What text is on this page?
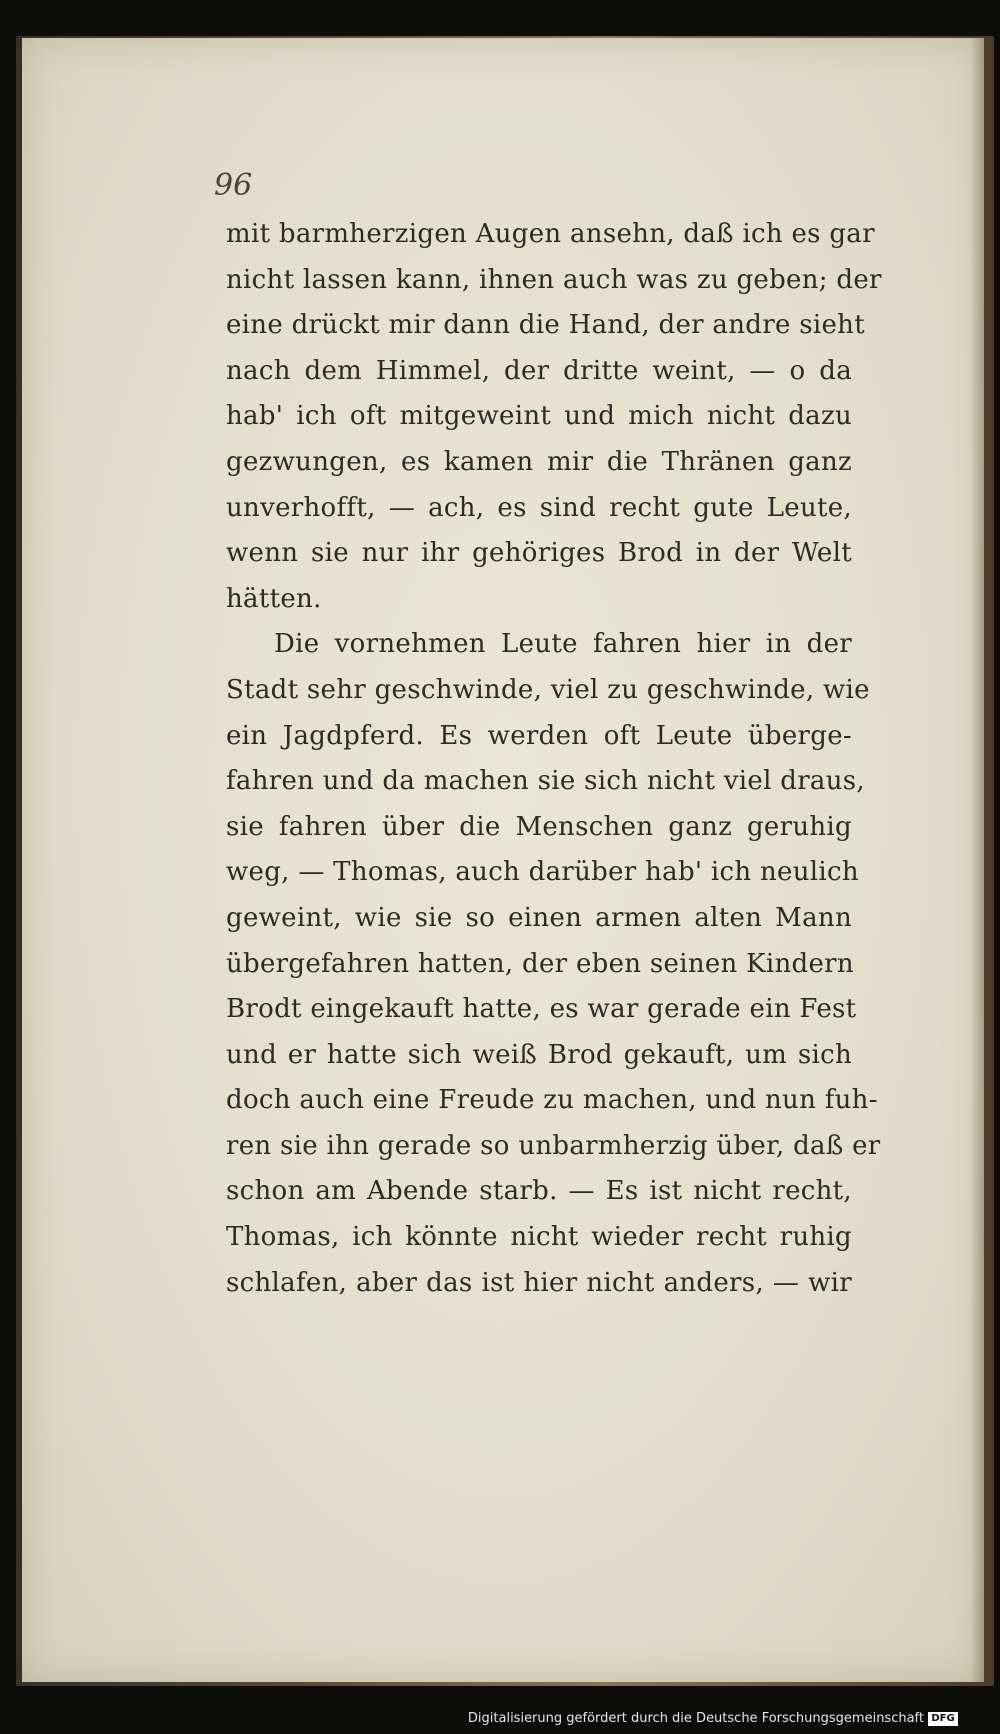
96
mit barmherzigen Augen ansehn, daß ich es gar
nicht lassen kann, ihnen auch was zu geben; der
eine drückt mir dann die Hand, der andre sieht
nach dem Himmel, der dritte weint, — o da
hab' ich oft mitgeweint und mich nicht dazu
gezwungen, es kamen mir die Thränen ganz
unverhofft, — ach, es sind recht gute Leute,
wenn sie nur ihr gehöriges Brod in der Welt
hätten.
Die vornehmen Leute fahren hier in der
Stadt sehr geschwinde, viel zu geschwinde, wie
ein Jagdpferd. Es werden oft Leute überge-
fahren und da machen sie sich nicht viel draus,
sie fahren über die Menschen ganz geruhig
weg, — Thomas, auch darüber hab' ich neulich
geweint, wie sie so einen armen alten Mann
übergefahren hatten, der eben seinen Kindern
Brodt eingekauft hatte, es war gerade ein Fest
und er hatte sich weiß Brod gekauft, um sich
doch auch eine Freude zu machen, und nun fuh-
ren sie ihn gerade so unbarmherzig über, daß er
schon am Abende starb. — Es ist nicht recht,
Thomas, ich könnte nicht wieder recht ruhig
schlafen, aber das ist hier nicht anders, — wir
Digitalisierung gefördert durch die Deutsche Forschungsgemeinschaft DFG
